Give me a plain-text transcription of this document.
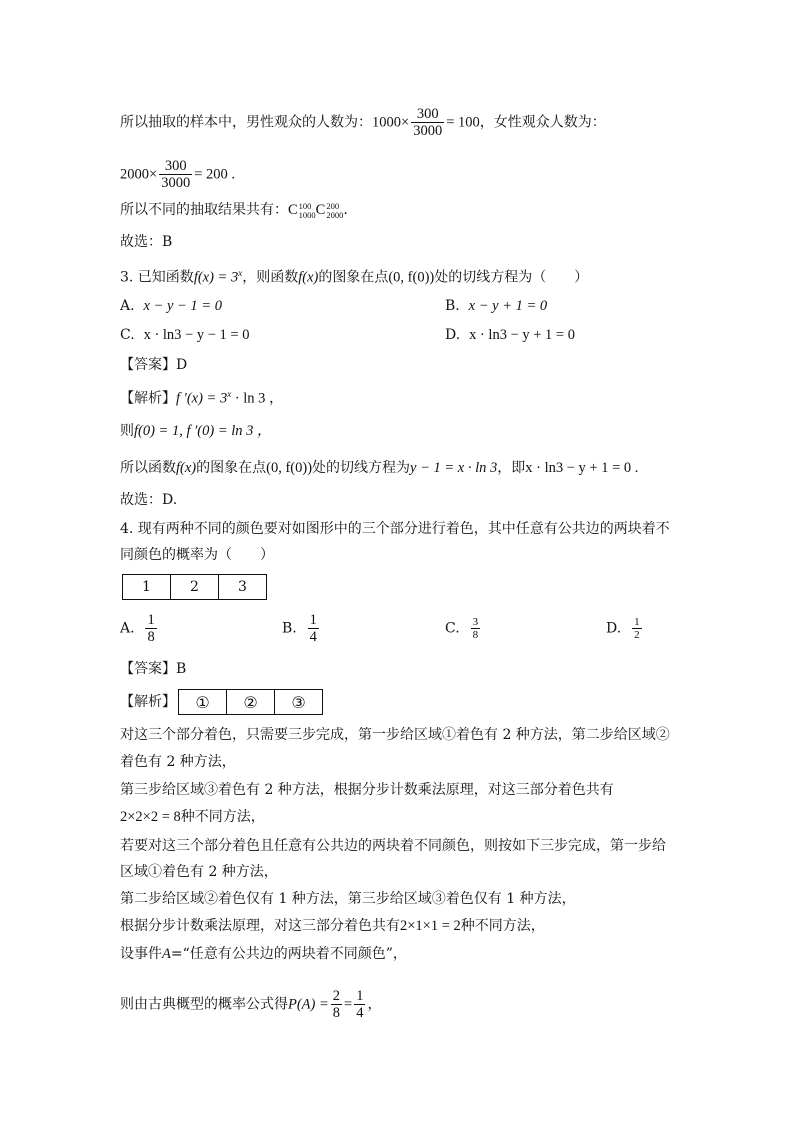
所以抽取的样本中，男性观众的人数为：$1000\times \frac{300}{3000} = 100$，女性观众人数为：
$2000\times \frac{300}{3000} = 200$ .
所以不同的抽取结果共有：C 100
1000 C 200
2000 .
故选：B
3. 已知函数$f(x) = 3^x$，则函数f(x)的图象在点(0, f(0))处的切线方程为（　　）
A. x − y − 1 = 0	B. x − y + 1 = 0
C. x · ln3 − y − 1 = 0	D. x · ln3 − y + 1 = 0
【答案】D
【解析】f $'(x) = 3^x \cdot \ln 3$ ，
则f(0) = 1, f ′(0) = ln 3 ，
所以函数f(x)的图象在点(0, f(0))处的切线方程为y − 1 = x · ln 3，即x · ln3 − y + 1 = 0 .
故选：D.
4. 现有两种不同的颜色要对如图形中的三个部分进行着色，其中任意有公共边的两块着不
同颜色的概率为（　　）
1	2	3
A. $\frac{1}{8}$	B. $\frac{1}{4}$	C. $\frac{3}{8}$	D. $\frac{1}{2}$
【答案】B
【解析】	①	②	③
对这三个部分着色，只需要三步完成，第一步给区域①着色有 2 种方法，第二步给区域②
着色有 2 种方法，
第三步给区域③着色有 2 种方法，根据分步计数乘法原理，对这三部分着色共有
2×2×2 = 8种不同方法，
若要对这三个部分着色且任意有公共边的两块着不同颜色，则按如下三步完成，第一步给
区域①着色有 2 种方法，
第二步给区域②着色仅有 1 种方法，第三步给区域③着色仅有 1 种方法，
根据分步计数乘法原理，对这三部分着色共有2×1×1 = 2种不同方法，
设事件A=“任意有公共边的两块着不同颜色”，
则由古典概型的概率公式得$P(A) = \frac{2}{8} = \frac{1}{4}$ ，
